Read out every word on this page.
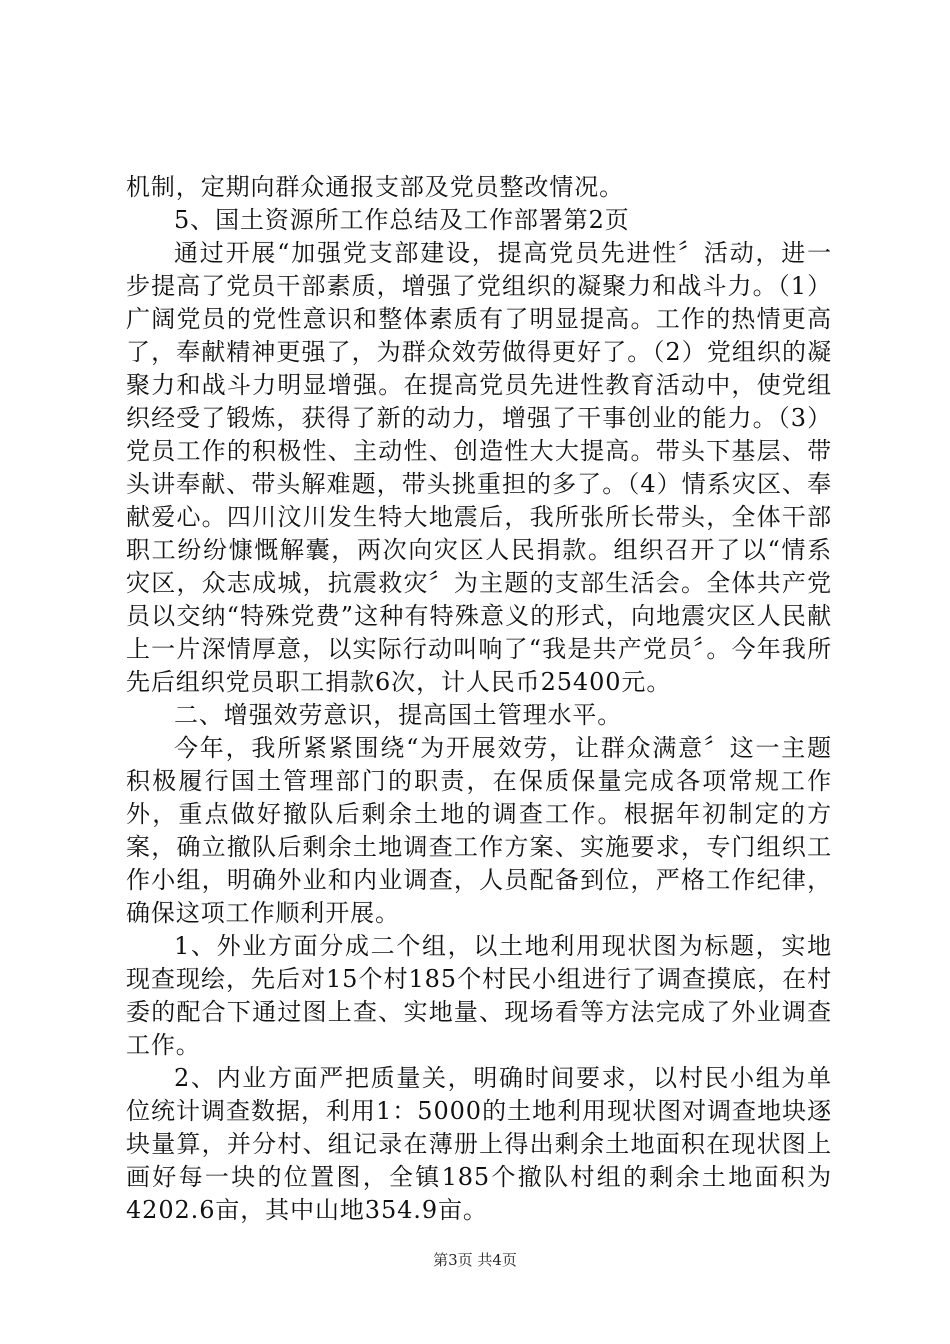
机制，定期向群众通报支部及党员整改情况。

5、国土资源所工作总结及工作部署第2页

通过开展“加强党支部建设，提高党员先进性〞活动，进一步提高了党员干部素质，增强了党组织的凝聚力和战斗力。（1）广阔党员的党性意识和整体素质有了明显提高。工作的热情更高了，奉献精神更强了，为群众效劳做得更好了。（2）党组织的凝聚力和战斗力明显增强。在提高党员先进性教育活动中，使党组织经受了锻炼，获得了新的动力，增强了干事创业的能力。（3）党员工作的积极性、主动性、创造性大大提高。带头下基层、带头讲奉献、带头解难题，带头挑重担的多了。（4）情系灾区、奉献爱心。四川汶川发生特大地震后，我所张所长带头，全体干部职工纷纷慷慨解囊，两次向灾区人民捐款。组织召开了以“情系灾区，众志成城，抗震救灾〞为主题的支部生活会。全体共产党员以交纳“特殊党费”这种有特殊意义的形式，向地震灾区人民献上一片深情厚意，以实际行动叫响了“我是共产党员〞。今年我所先后组织党员职工捐款6次，计人民币25400元。

二、增强效劳意识，提高国土管理水平。

今年，我所紧紧围绕“为开展效劳，让群众满意〞这一主题积极履行国土管理部门的职责，在保质保量完成各项常规工作外，重点做好撤队后剩余土地的调查工作。根据年初制定的方案，确立撤队后剩余土地调查工作方案、实施要求，专门组织工作小组，明确外业和内业调查，人员配备到位，严格工作纪律，确保这项工作顺利开展。

1、外业方面分成二个组，以土地利用现状图为标题，实地现查现绘，先后对15个村185个村民小组进行了调查摸底，在村委的配合下通过图上查、实地量、现场看等方法完成了外业调查工作。

2、内业方面严把质量关，明确时间要求，以村民小组为单位统计调查数据，利用1：5000的土地利用现状图对调查地块逐块量算，并分村、组记录在薄册上得出剩余土地面积在现状图上画好每一块的位置图，全镇185个撤队村组的剩余土地面积为4202.6亩，其中山地354.9亩。

第3页 共4页
